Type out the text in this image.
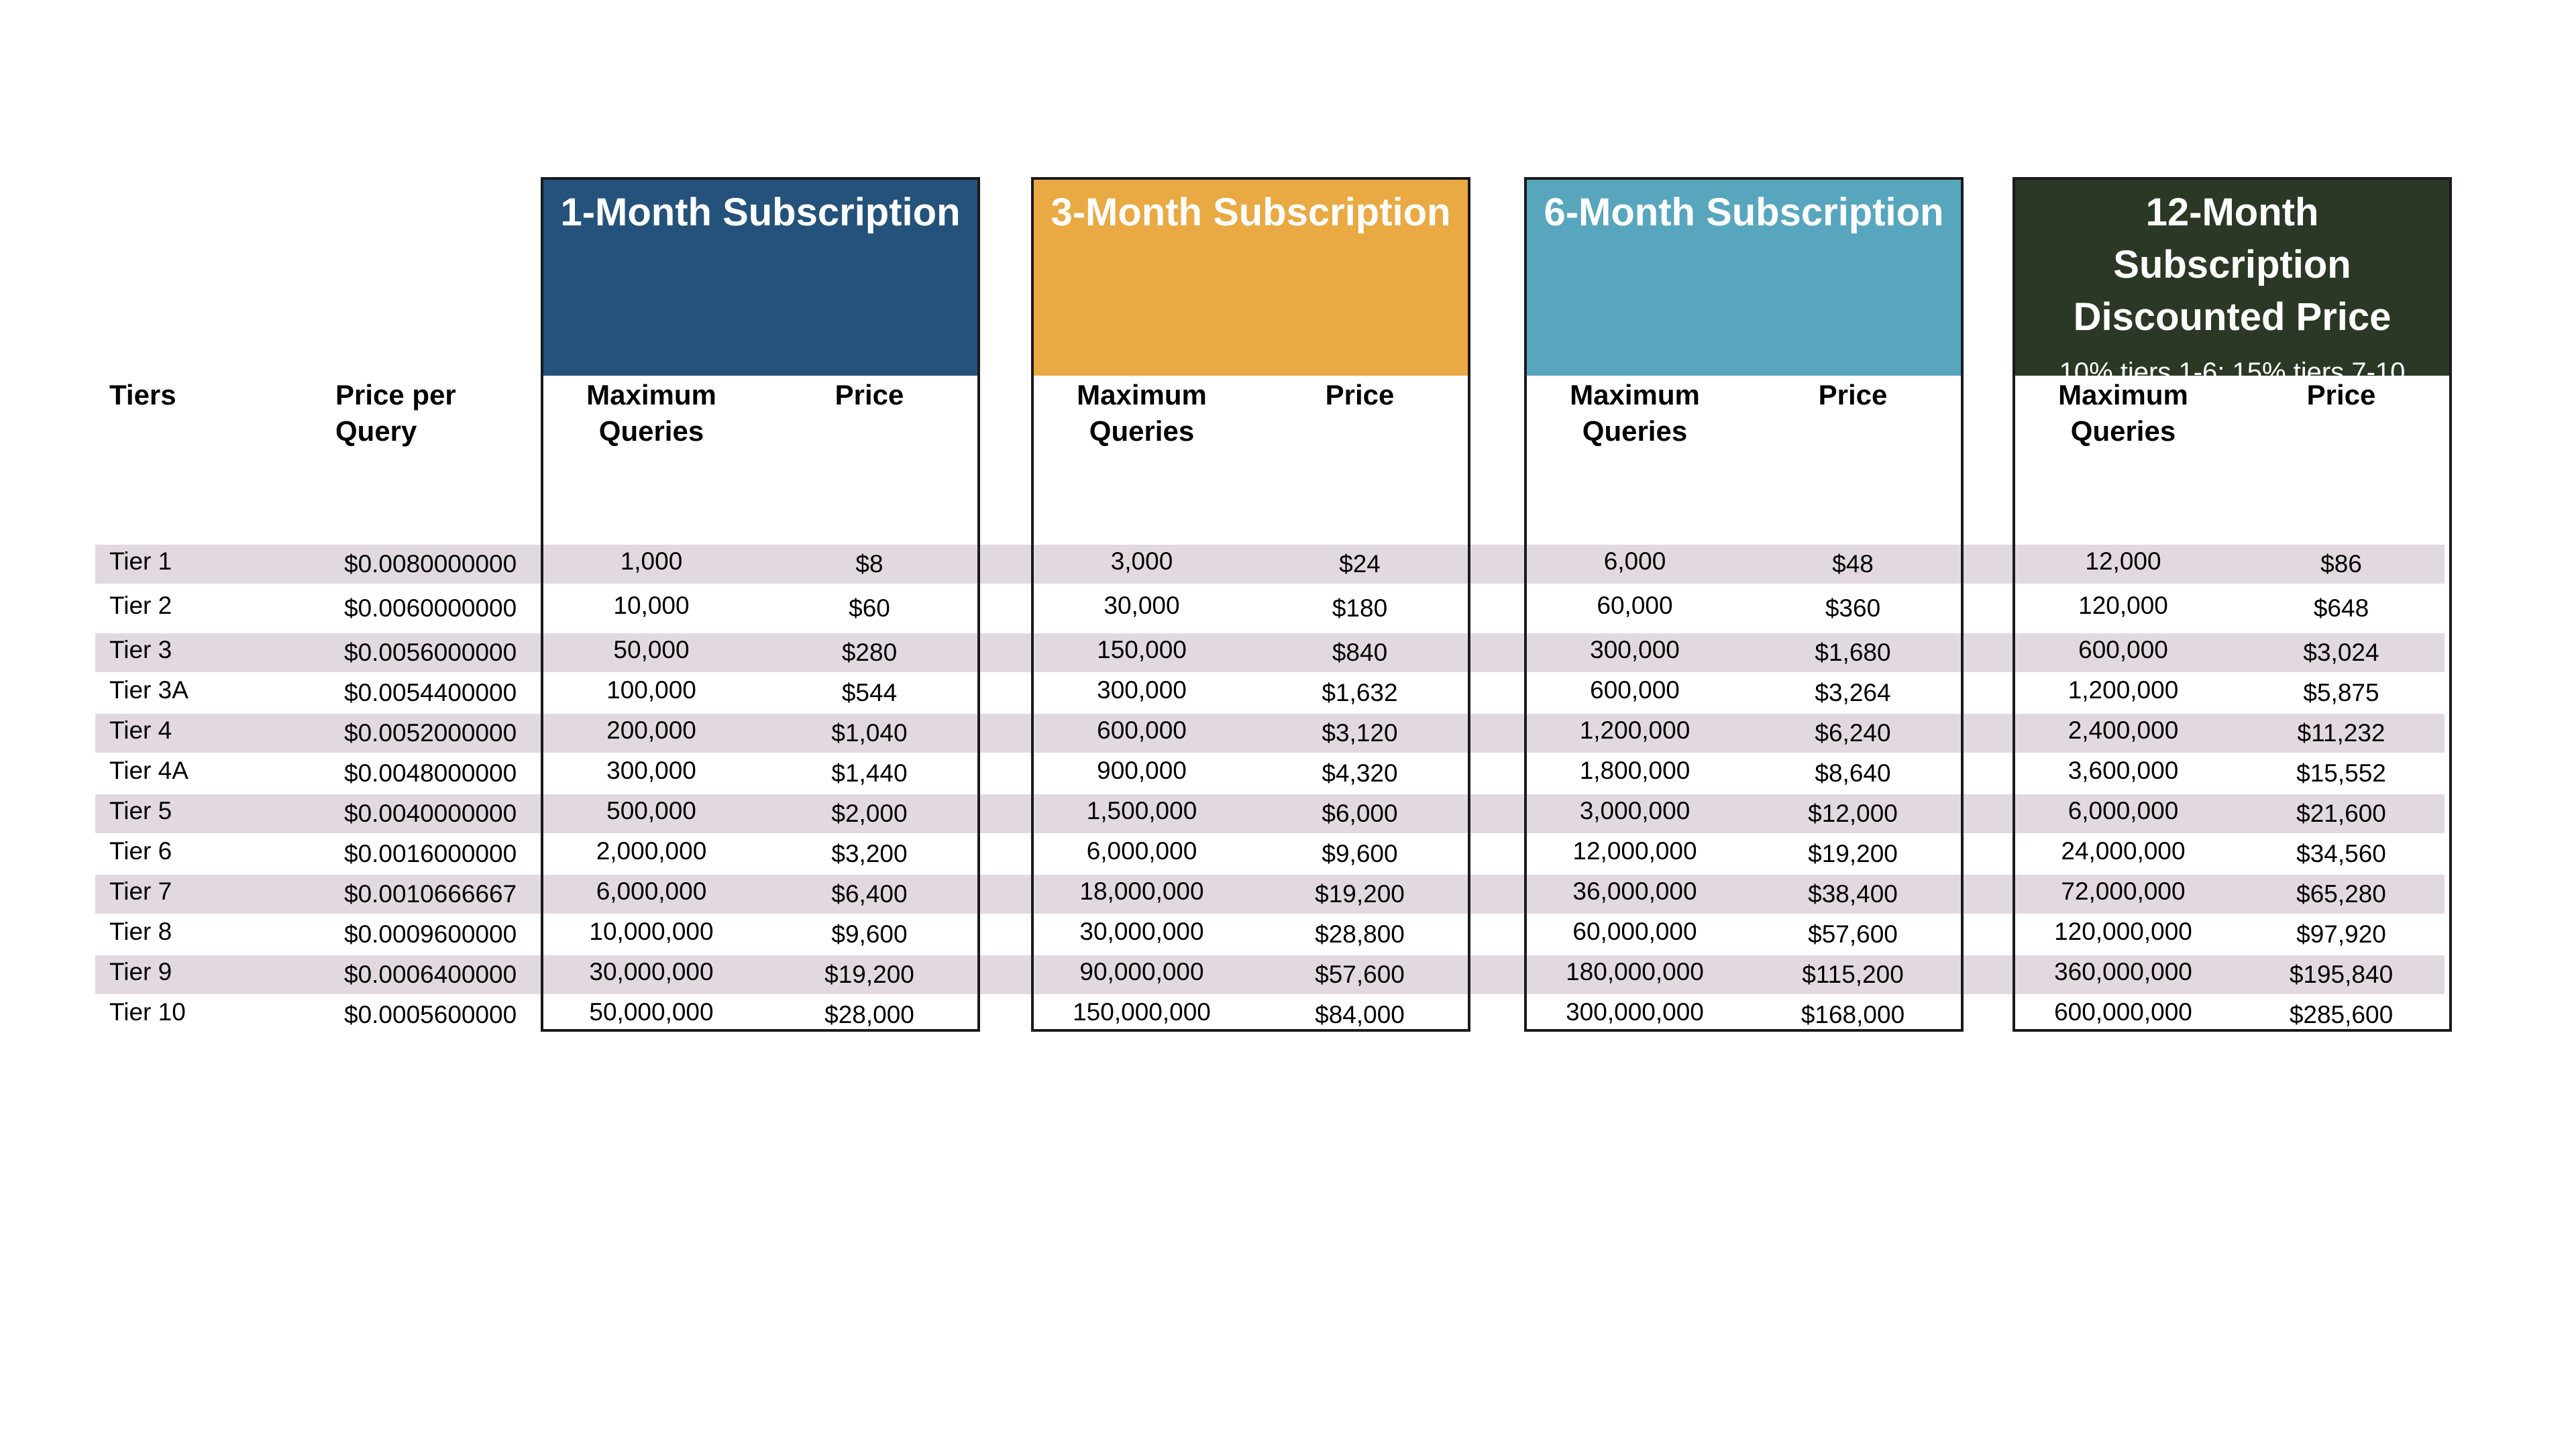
1-Month Subscription	3-Month Subscription	6-Month Subscription	12-Month Subscription Discounted Price
10% tiers 1-6; 15% tiers 7-10
Tiers	Price per Query
Maximum Queries
Price	Maximum Queries
Price	Maximum Queries
Price	Maximum Queries
Price
Tier 1	$0.0080000000	1,000	$8	3,000	$24	6,000	$48	12,000	$86
Tier 2	$0.0060000000	10,000	$60	30,000	$180	60,000	$360	120,000	$648
Tier 3	$0.0056000000	50,000	$280	150,000	$840	300,000	$1,680	600,000	$3,024
Tier 3A	$0.0054400000	100,000	$544	300,000	$1,632	600,000	$3,264	1,200,000	$5,875
Tier 4	$0.0052000000	200,000	$1,040	600,000	$3,120	1,200,000	$6,240	2,400,000	$11,232
Tier 4A	$0.0048000000	300,000	$1,440	900,000	$4,320	1,800,000	$8,640	3,600,000	$15,552
Tier 5	$0.0040000000	500,000	$2,000	1,500,000	$6,000	3,000,000	$12,000	6,000,000	$21,600
Tier 6	$0.0016000000	2,000,000	$3,200	6,000,000	$9,600	12,000,000	$19,200	24,000,000	$34,560
Tier 7	$0.0010666667	6,000,000	$6,400	18,000,000	$19,200	36,000,000	$38,400	72,000,000	$65,280
Tier 8	$0.0009600000	10,000,000	$9,600	30,000,000	$28,800	60,000,000	$57,600	120,000,000	$97,920
Tier 9	$0.0006400000	30,000,000	$19,200	90,000,000	$57,600	180,000,000	$115,200	360,000,000	$195,840
Tier 10	$0.0005600000	50,000,000	$28,000	150,000,000	$84,000	300,000,000	$168,000	600,000,000	$285,600
